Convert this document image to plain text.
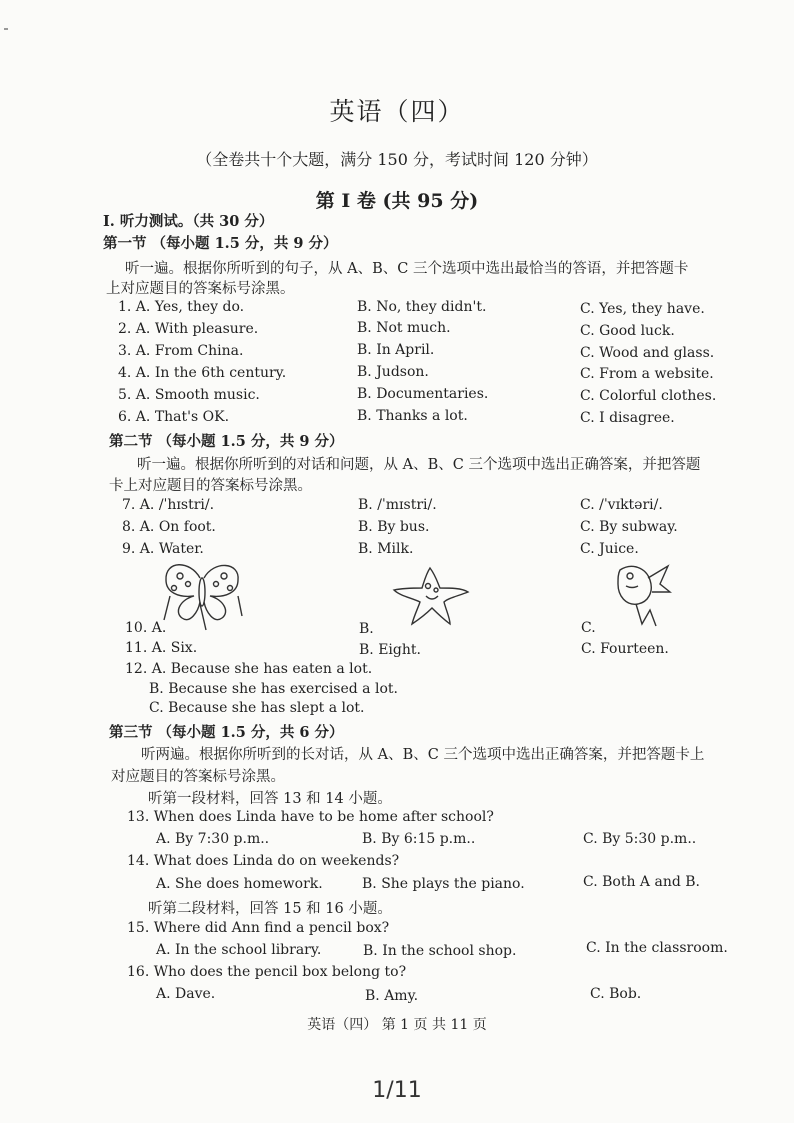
英语（四）
（全卷共十个大题，满分 150 分，考试时间 120 分钟）
第 I 卷 (共 95 分)
I. 听力测试。（共 30 分）
第一节 （每小题 1.5 分，共 9 分）
听一遍。根据你所听到的句子，从 A、B、C 三个选项中选出最恰当的答语，并把答题卡
上对应题目的答案标号涂黑。
1. A. Yes, they do.	B. No, they didn't.	C. Yes, they have.
2. A. With pleasure.	B. Not much.	C. Good luck.
3. A. From China.	B. In April.	C. Wood and glass.
4. A. In the 6th century.	B. Judson.	C. From a website.
5. A. Smooth music.	B. Documentaries.	C. Colorful clothes.
6. A. That's OK.	B. Thanks a lot.	C. I disagree.
第二节 （每小题 1.5 分，共 9 分）
听一遍。根据你所听到的对话和问题，从 A、B、C 三个选项中选出正确答案，并把答题
卡上对应题目的答案标号涂黑。
7. A. /ˈhɪstri/.	B. /ˈmɪstri/.	C. /ˈvɪktəri/.
8. A. On foot.	B. By bus.	C. By subway.
9. A. Water.	B. Milk.	C. Juice.
10. A.	B.	C.
11. A. Six.	B. Eight.	C. Fourteen.
12. A. Because she has eaten a lot.
B. Because she has exercised a lot.
C. Because she has slept a lot.
第三节 （每小题 1.5 分，共 6 分）
听两遍。根据你所听到的长对话，从 A、B、C 三个选项中选出正确答案，并把答题卡上
对应题目的答案标号涂黑。
听第一段材料，回答 13 和 14 小题。
13. When does Linda have to be home after school?
A. By 7:30 p.m..	B. By 6:15 p.m..	C. By 5:30 p.m..
14. What does Linda do on weekends?
A. She does homework.	B. She plays the piano.	C. Both A and B.
听第二段材料，回答 15 和 16 小题。
15. Where did Ann find a pencil box?
A. In the school library.	B. In the school shop.	C. In the classroom.
16. Who does the pencil box belong to?
A. Dave.	B. Amy.	C. Bob.
英语（四） 第 1 页 共 11 页
1/11
